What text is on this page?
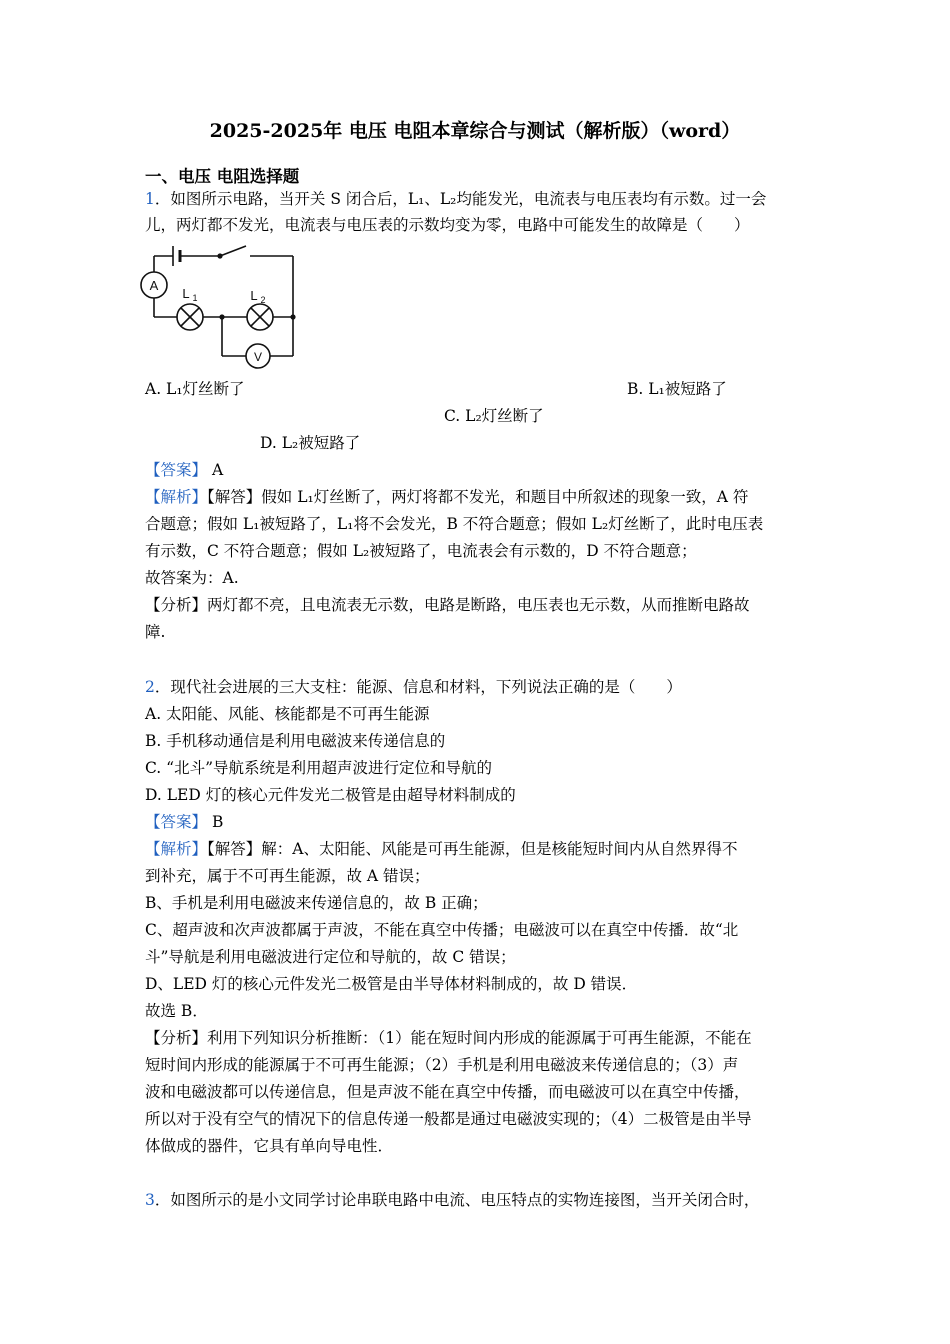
2025-2025年 电压 电阻本章综合与测试（解析版）（word）
一、电压 电阻选择题
1．如图所示电路，当开关 S 闭合后，L₁、L₂均能发光，电流表与电压表均有示数。过一会
儿，两灯都不发光，电流表与电压表的示数均变为零，电路中可能发生的故障是（　　）
A
V
L 1	L 2
A. L₁灯丝断了	B. L₁被短路了
C. L₂灯丝断了
D. L₂被短路了
【答案】 A
【解析】【解答】假如 L₁灯丝断了，两灯将都不发光，和题目中所叙述的现象一致，A 符
合题意；假如 L₁被短路了，L₁将不会发光，B 不符合题意；假如 L₂灯丝断了，此时电压表
有示数，C 不符合题意；假如 L₂被短路了，电流表会有示数的，D 不符合题意；
故答案为：A.
【分析】两灯都不亮，且电流表无示数，电路是断路，电压表也无示数，从而推断电路故
障.
2．现代社会进展的三大支柱：能源、信息和材料，下列说法正确的是（　　）
A. 太阳能、风能、核能都是不可再生能源
B. 手机移动通信是利用电磁波来传递信息的
C. “北斗”导航系统是利用超声波进行定位和导航的
D. LED 灯的核心元件发光二极管是由超导材料制成的
【答案】 B
【解析】【解答】解：A、太阳能、风能是可再生能源，但是核能短时间内从自然界得不
到补充，属于不可再生能源，故 A 错误；
B、手机是利用电磁波来传递信息的，故 B 正确；
C、超声波和次声波都属于声波，不能在真空中传播；电磁波可以在真空中传播．故“北
斗”导航是利用电磁波进行定位和导航的，故 C 错误；
D、LED 灯的核心元件发光二极管是由半导体材料制成的，故 D 错误．
故选 B．
【分析】利用下列知识分析推断：（1）能在短时间内形成的能源属于可再生能源，不能在
短时间内形成的能源属于不可再生能源；（2）手机是利用电磁波来传递信息的；（3）声
波和电磁波都可以传递信息，但是声波不能在真空中传播，而电磁波可以在真空中传播，
所以对于没有空气的情况下的信息传递一般都是通过电磁波实现的；（4）二极管是由半导
体做成的器件，它具有单向导电性．
3．如图所示的是小文同学讨论串联电路中电流、电压特点的实物连接图，当开关闭合时，
